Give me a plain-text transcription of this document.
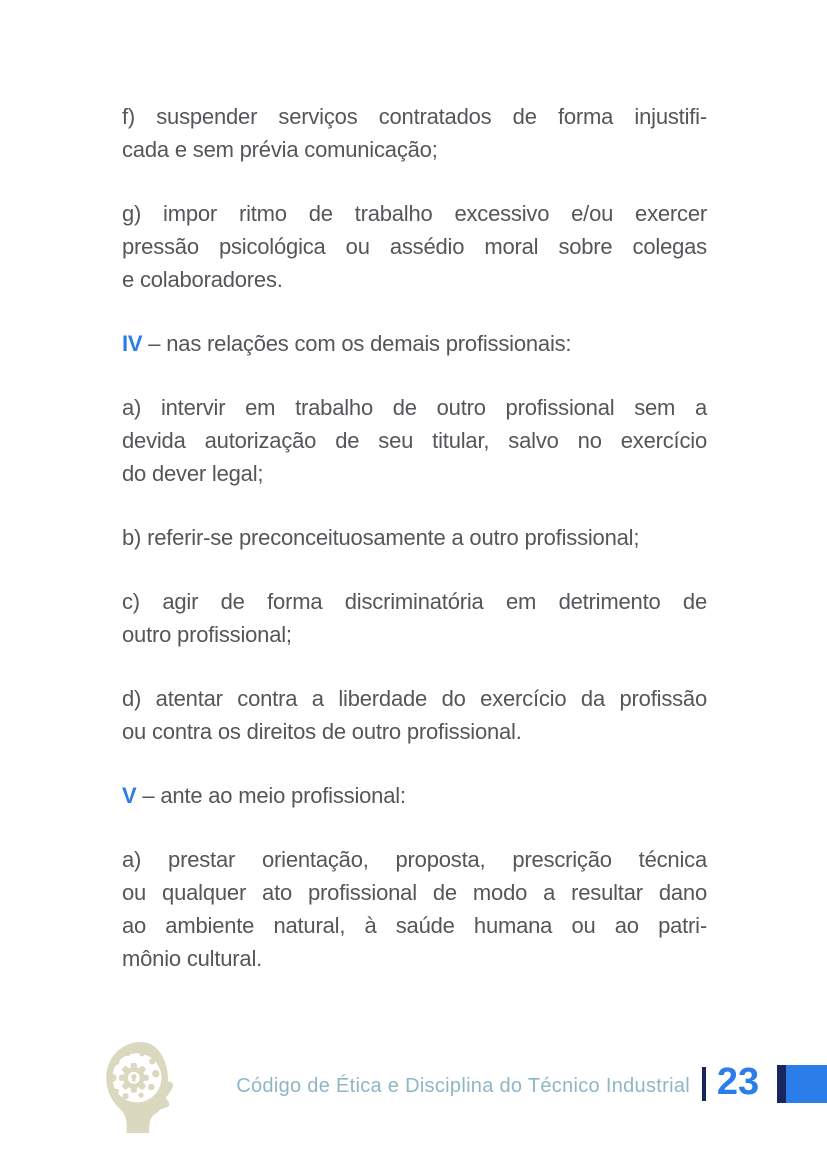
f) suspender serviços contratados de forma injustifi-
cada e sem prévia comunicação;
g) impor ritmo de trabalho excessivo e/ou exercer
pressão psicológica ou assédio moral sobre colegas
e colaboradores.
IV – nas relações com os demais profissionais:
a) intervir em trabalho de outro profissional sem a
devida autorização de seu titular, salvo no exercício
do dever legal;
b) referir-se preconceituosamente a outro profissional;
c) agir de forma discriminatória em detrimento de
outro profissional;
d) atentar contra a liberdade do exercício da profissão
ou contra os direitos de outro profissional.
V – ante ao meio profissional:
a) prestar orientação, proposta, prescrição técnica
ou qualquer ato profissional de modo a resultar dano
ao ambiente natural, à saúde humana ou ao patri-
mônio cultural.
Código de Ética e Disciplina do Técnico Industrial 23
